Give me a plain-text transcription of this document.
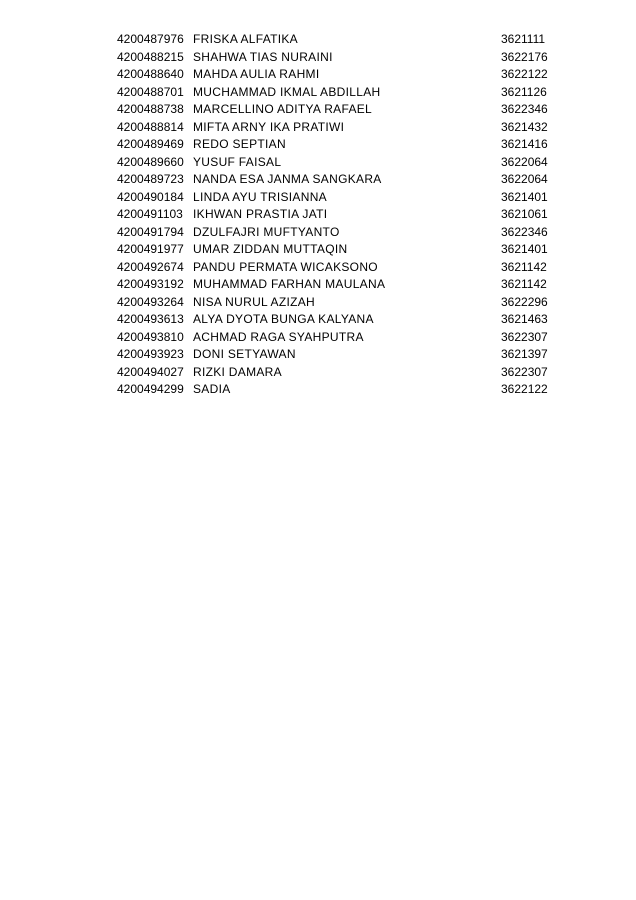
4200487976 FRISKA ALFATIKA	3621111
4200488215 SHAHWA TIAS NURAINI	3622176
4200488640 MAHDA AULIA RAHMI	3622122
4200488701 MUCHAMMAD IKMAL ABDILLAH	3621126
4200488738 MARCELLINO ADITYA RAFAEL	3622346
4200488814 MIFTA ARNY IKA PRATIWI	3621432
4200489469 REDO SEPTIAN	3621416
4200489660 YUSUF FAISAL	3622064
4200489723 NANDA ESA JANMA SANGKARA	3622064
4200490184 LINDA AYU TRISIANNA	3621401
4200491103 IKHWAN PRASTIA JATI	3621061
4200491794 DZULFAJRI MUFTYANTO	3622346
4200491977 UMAR ZIDDAN MUTTAQIN	3621401
4200492674 PANDU PERMATA WICAKSONO	3621142
4200493192 MUHAMMAD FARHAN MAULANA	3621142
4200493264 NISA NURUL AZIZAH	3622296
4200493613 ALYA DYOTA BUNGA KALYANA	3621463
4200493810 ACHMAD RAGA SYAHPUTRA	3622307
4200493923 DONI SETYAWAN	3621397
4200494027 RIZKI DAMARA	3622307
4200494299 SADIA	3622122
